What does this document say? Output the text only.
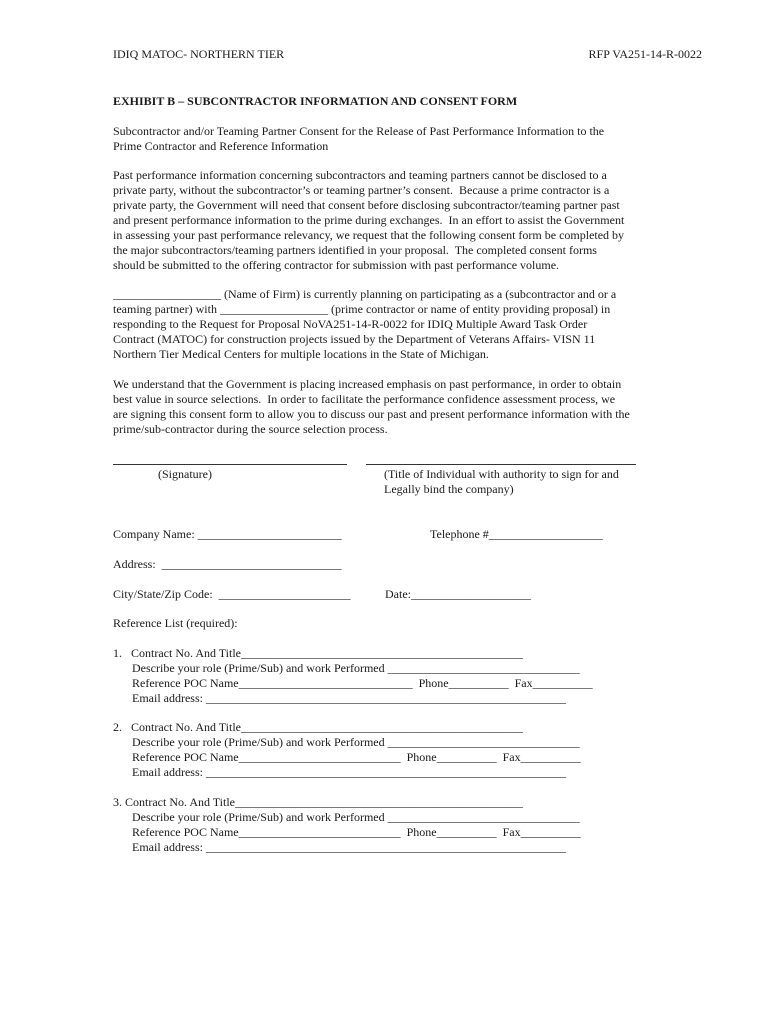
IDIQ MATOC- NORTHERN TIER	RFP VA251-14-R-0022
EXHIBIT B – SUBCONTRACTOR INFORMATION AND CONSENT FORM
Subcontractor and/or Teaming Partner Consent for the Release of Past Performance Information to the
Prime Contractor and Reference Information
Past performance information concerning subcontractors and teaming partners cannot be disclosed to a
private party, without the subcontractor’s or teaming partner’s consent.  Because a prime contractor is a
private party, the Government will need that consent before disclosing subcontractor/teaming partner past
and present performance information to the prime during exchanges.  In an effort to assist the Government
in assessing your past performance relevancy, we request that the following consent form be completed by
the major subcontractors/teaming partners identified in your proposal.  The completed consent forms
should be submitted to the offering contractor for submission with past performance volume.
__________________ (Name of Firm) is currently planning on participating as a (subcontractor and or a
teaming partner) with __________________ (prime contractor or name of entity providing proposal) in
responding to the Request for Proposal NoVA251-14-R-0022 for IDIQ Multiple Award Task Order
Contract (MATOC) for construction projects issued by the Department of Veterans Affairs- VISN 11
Northern Tier Medical Centers for multiple locations in the State of Michigan.
We understand that the Government is placing increased emphasis on past performance, in order to obtain
best value in source selections.  In order to facilitate the performance confidence assessment process, we
are signing this consent form to allow you to discuss our past and present performance information with the
prime/sub-contractor during the source selection process.
(Signature)	(Title of Individual with authority to sign for and
Legally bind the company)
Company Name: ________________________	Telephone #___________________
Address:  ______________________________
City/State/Zip Code:  ______________________	Date:____________________
Reference List (required):
1.   Contract No. And Title_______________________________________________
Describe your role (Prime/Sub) and work Performed ________________________________
Reference POC Name_____________________________  Phone__________  Fax__________
Email address: ____________________________________________________________
2.   Contract No. And Title_______________________________________________
Describe your role (Prime/Sub) and work Performed ________________________________
Reference POC Name___________________________  Phone__________  Fax__________
Email address: ____________________________________________________________
3. Contract No. And Title________________________________________________
Describe your role (Prime/Sub) and work Performed ________________________________
Reference POC Name___________________________  Phone__________  Fax__________
Email address: ____________________________________________________________
